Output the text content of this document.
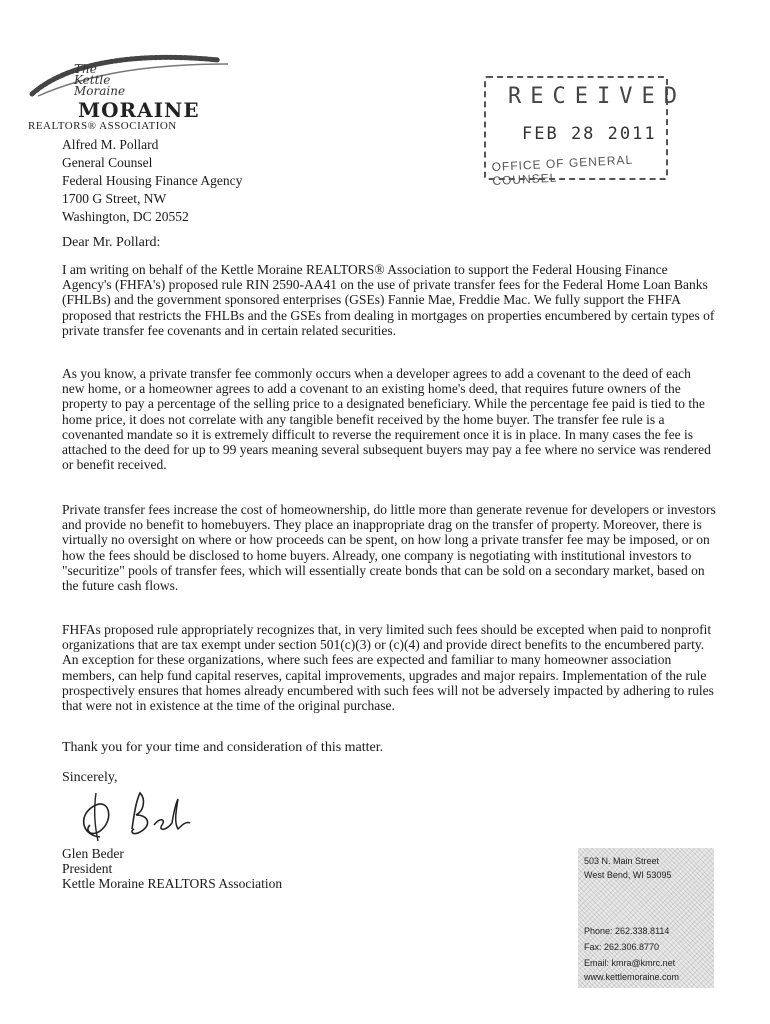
The
Kettle
Moraine
MORAINE
REALTORS® ASSOCIATION
RECEIVED
FEB 28 2011
OFFICE OF GENERAL COUNSEL
Alfred M. Pollard
General Counsel
Federal Housing Finance Agency
1700 G Street, NW
Washington, DC 20552
Dear Mr. Pollard:
I am writing on behalf of the Kettle Moraine REALTORS® Association to support the Federal Housing Finance Agency's (FHFA's) proposed rule RIN 2590-AA41 on the use of private transfer fees for the Federal Home Loan Banks (FHLBs) and the government sponsored enterprises (GSEs) Fannie Mae, Freddie Mac. We fully support the FHFA proposed that restricts the FHLBs and the GSEs from dealing in mortgages on properties encumbered by certain types of private transfer fee covenants and in certain related securities.
As you know, a private transfer fee commonly occurs when a developer agrees to add a covenant to the deed of each new home, or a homeowner agrees to add a covenant to an existing home's deed, that requires future owners of the property to pay a percentage of the selling price to a designated beneficiary. While the percentage fee paid is tied to the home price, it does not correlate with any tangible benefit received by the home buyer. The transfer fee rule is a covenanted mandate so it is extremely difficult to reverse the requirement once it is in place. In many cases the fee is attached to the deed for up to 99 years meaning several subsequent buyers may pay a fee where no service was rendered or benefit received.
Private transfer fees increase the cost of homeownership, do little more than generate revenue for developers or investors and provide no benefit to homebuyers. They place an inappropriate drag on the transfer of property. Moreover, there is virtually no oversight on where or how proceeds can be spent, on how long a private transfer fee may be imposed, or on how the fees should be disclosed to home buyers. Already, one company is negotiating with institutional investors to "securitize" pools of transfer fees, which will essentially create bonds that can be sold on a secondary market, based on the future cash flows.
FHFAs proposed rule appropriately recognizes that, in very limited such fees should be excepted when paid to nonprofit organizations that are tax exempt under section 501(c)(3) or (c)(4) and provide direct benefits to the encumbered party. An exception for these organizations, where such fees are expected and familiar to many homeowner association members, can help fund capital reserves, capital improvements, upgrades and major repairs. Implementation of the rule prospectively ensures that homes already encumbered with such fees will not be adversely impacted by adhering to rules that were not in existence at the time of the original purchase.
Thank you for your time and consideration of this matter.
Sincerely,
Glen Beder
President
Kettle Moraine REALTORS Association
503 N. Main Street
West Bend, WI 53095
Phone: 262.338.8114
Fax: 262.306.8770
Email: kmra@kmrc.net
www.kettlemoraine.com
